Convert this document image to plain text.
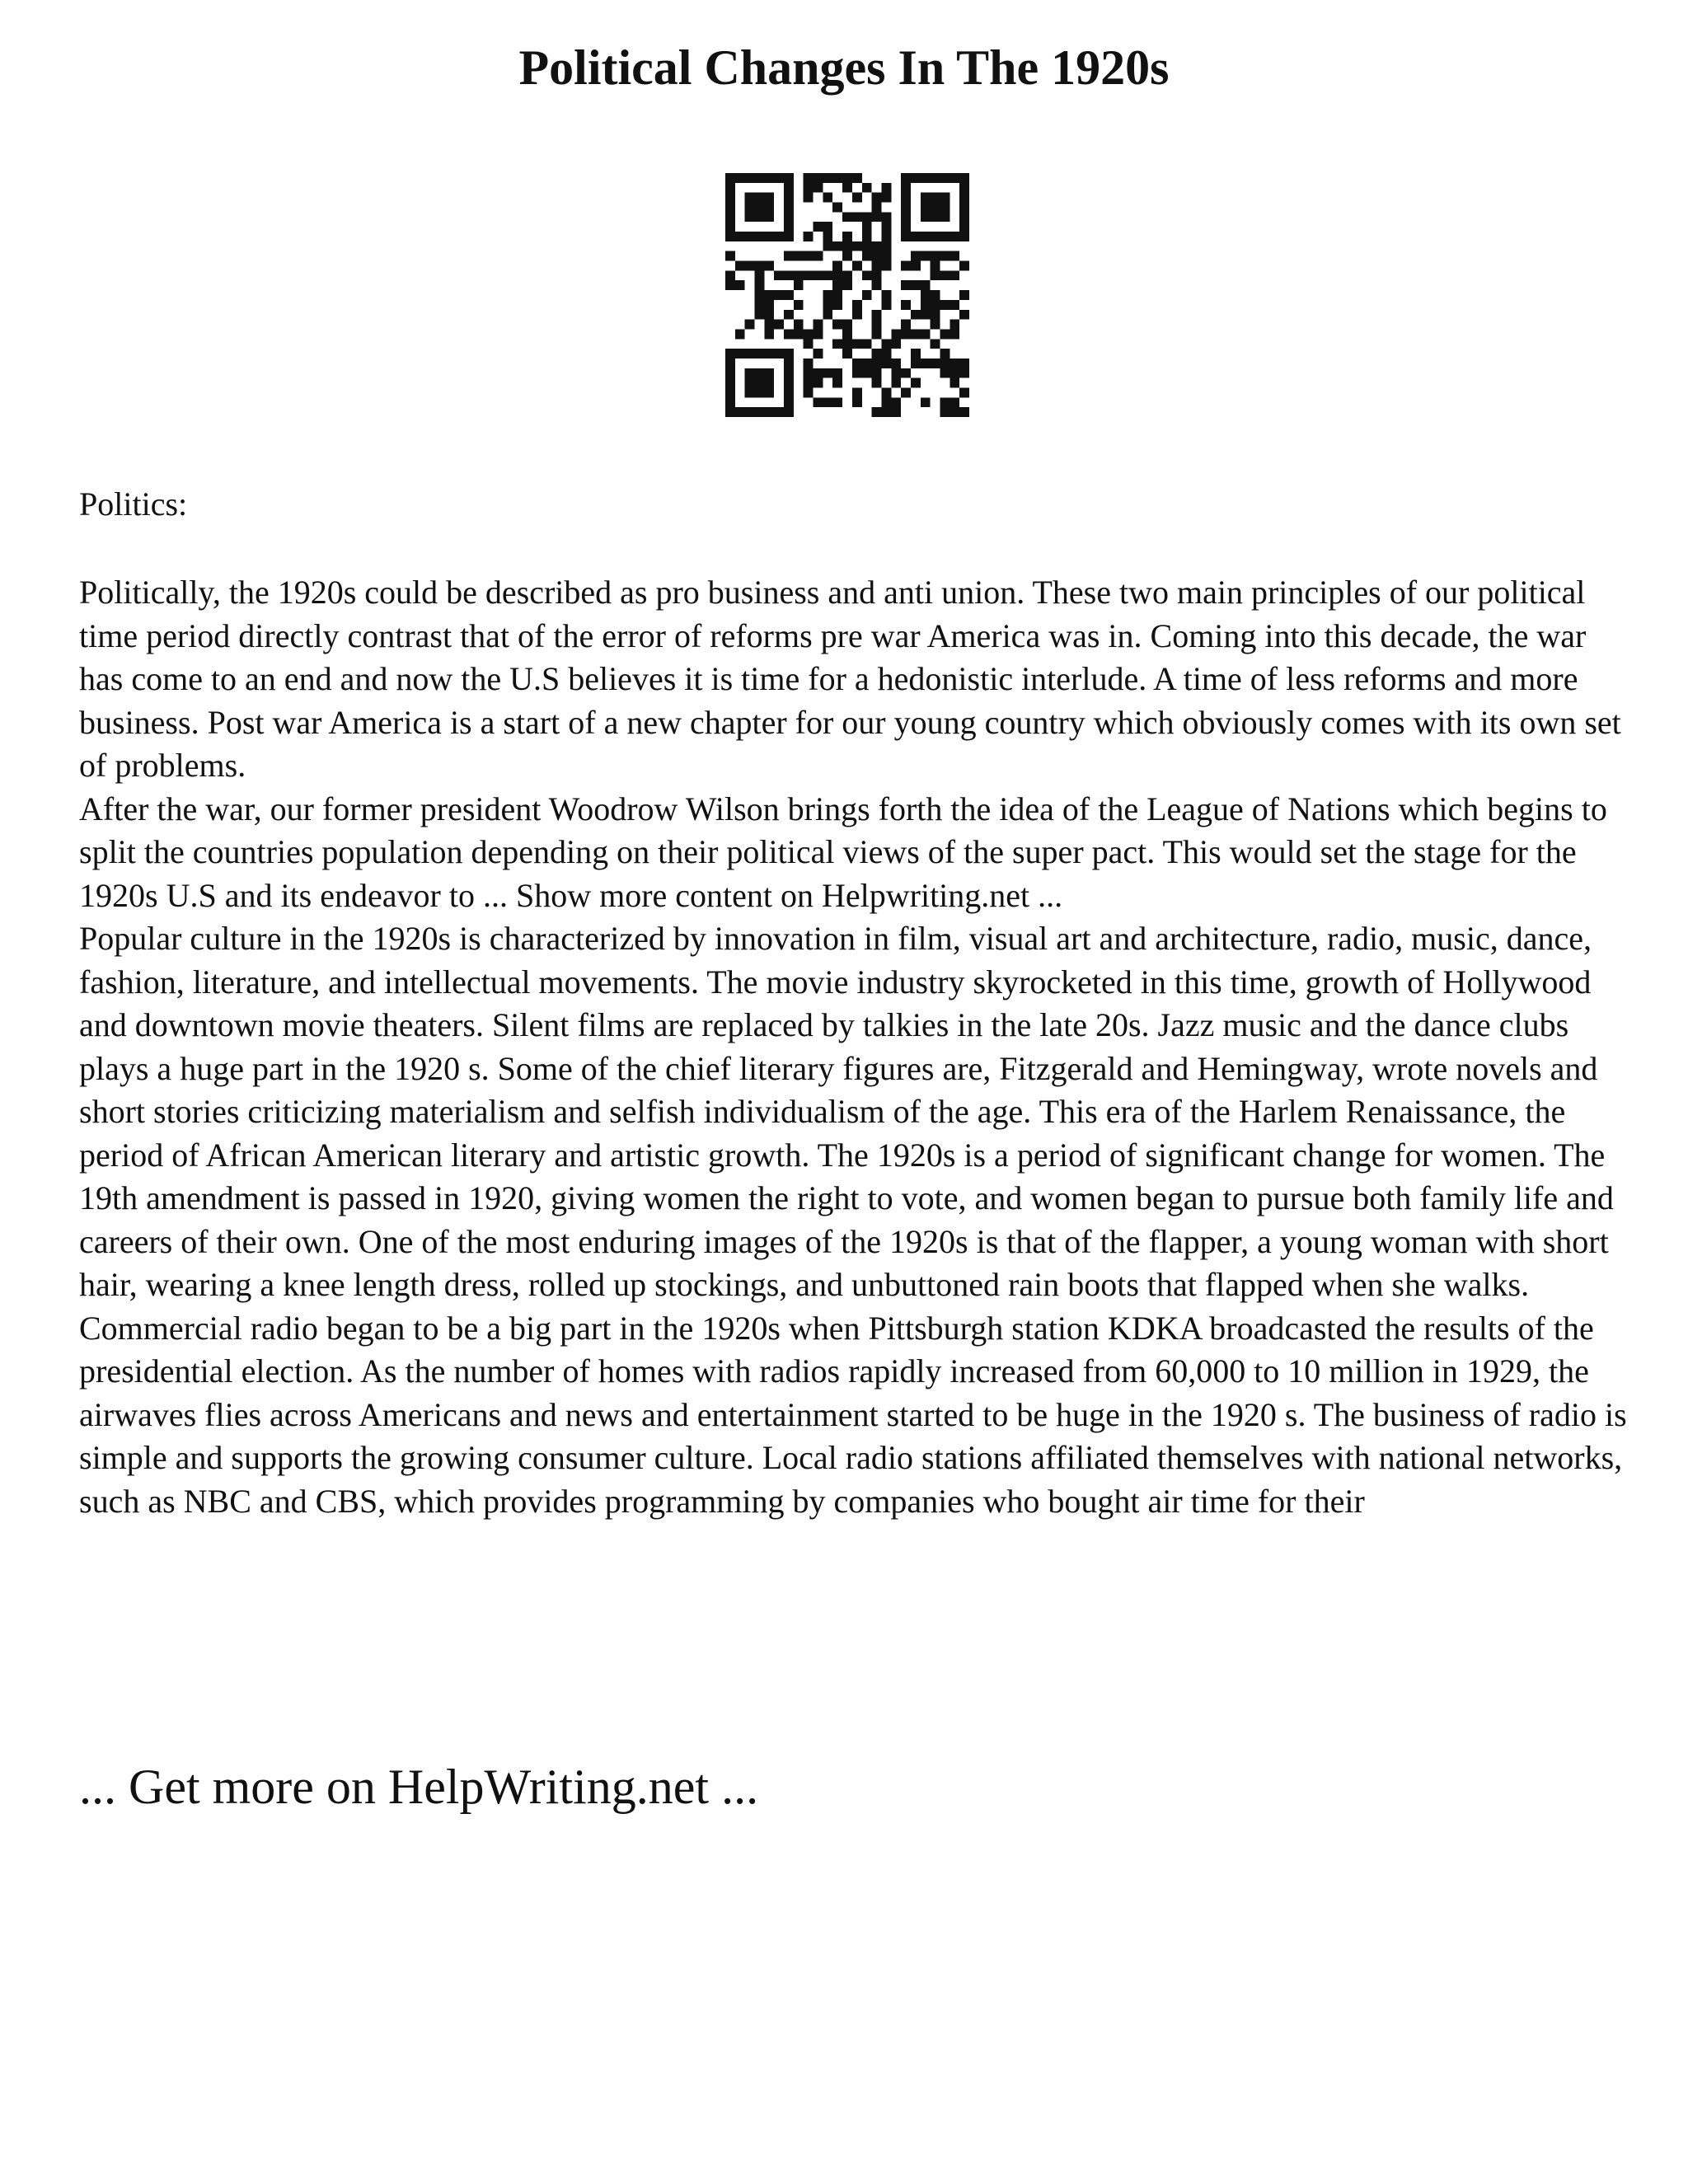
Political Changes In The 1920s

Politics:

Politically, the 1920s could be described as pro business and anti union. These two main principles of our political time period directly contrast that of the error of reforms pre war America was in. Coming into this decade, the war has come to an end and now the U.S believes it is time for a hedonistic interlude. A time of less reforms and more business. Post war America is a start of a new chapter for our young country which obviously comes with its own set of problems.

After the war, our former president Woodrow Wilson brings forth the idea of the League of Nations which begins to split the countries population depending on their political views of the super pact. This would set the stage for the 1920s U.S and its endeavor to ... Show more content on Helpwriting.net ...

Popular culture in the 1920s is characterized by innovation in film, visual art and architecture, radio, music, dance, fashion, literature, and intellectual movements. The movie industry skyrocketed in this time, growth of Hollywood and downtown movie theaters. Silent films are replaced by talkies in the late 20s. Jazz music and the dance clubs plays a huge part in the 1920 s. Some of the chief literary figures are, Fitzgerald and Hemingway, wrote novels and short stories criticizing materialism and selfish individualism of the age. This era of the Harlem Renaissance, the period of African American literary and artistic growth. The 1920s is a period of significant change for women. The 19th amendment is passed in 1920, giving women the right to vote, and women began to pursue both family life and careers of their own. One of the most enduring images of the 1920s is that of the flapper, a young woman with short hair, wearing a knee length dress, rolled up stockings, and unbuttoned rain boots that flapped when she walks. Commercial radio began to be a big part in the 1920s when Pittsburgh station KDKA broadcasted the results of the presidential election. As the number of homes with radios rapidly increased from 60,000 to 10 million in 1929, the airwaves flies across Americans and news and entertainment started to be huge in the 1920 s. The business of radio is simple and supports the growing consumer culture. Local radio stations affiliated themselves with national networks, such as NBC and CBS, which provides programming by companies who bought air time for their

... Get more on HelpWriting.net ...
